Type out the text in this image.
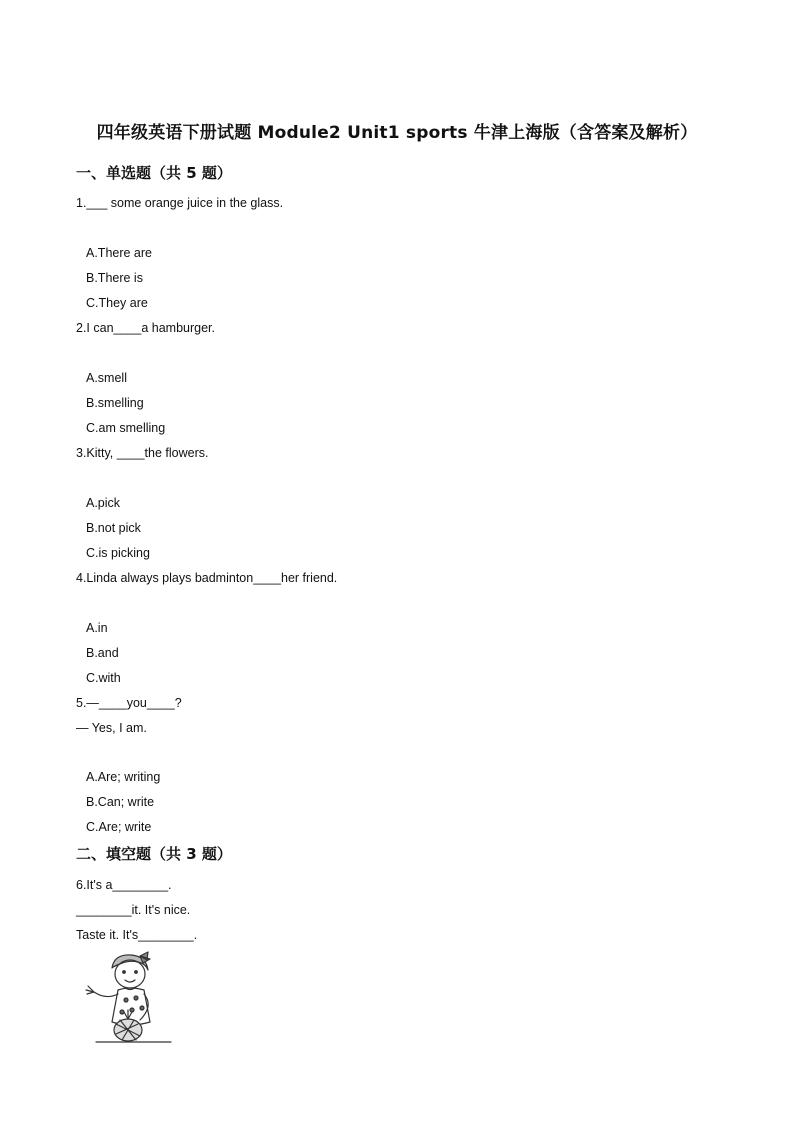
四年级英语下册试题 Module2 Unit1 sports 牛津上海版（含答案及解析）
一、单选题（共 5 题）
1.___ some orange juice in the glass.
A.There are
B.There is
C.They are
2.I can____a hamburger.
A.smell
B.smelling
C.am smelling
3.Kitty, ____the flowers.
A.pick
B.not pick
C.is picking
4.Linda always plays badminton____her friend.
A.in
B.and
C.with
5.—____you____?
— Yes, I am.
A.Are; writing
B.Can; write
C.Are; write
二、填空题（共 3 题）
6.It's a________.
________it. It's nice.
Taste it. It's________.
